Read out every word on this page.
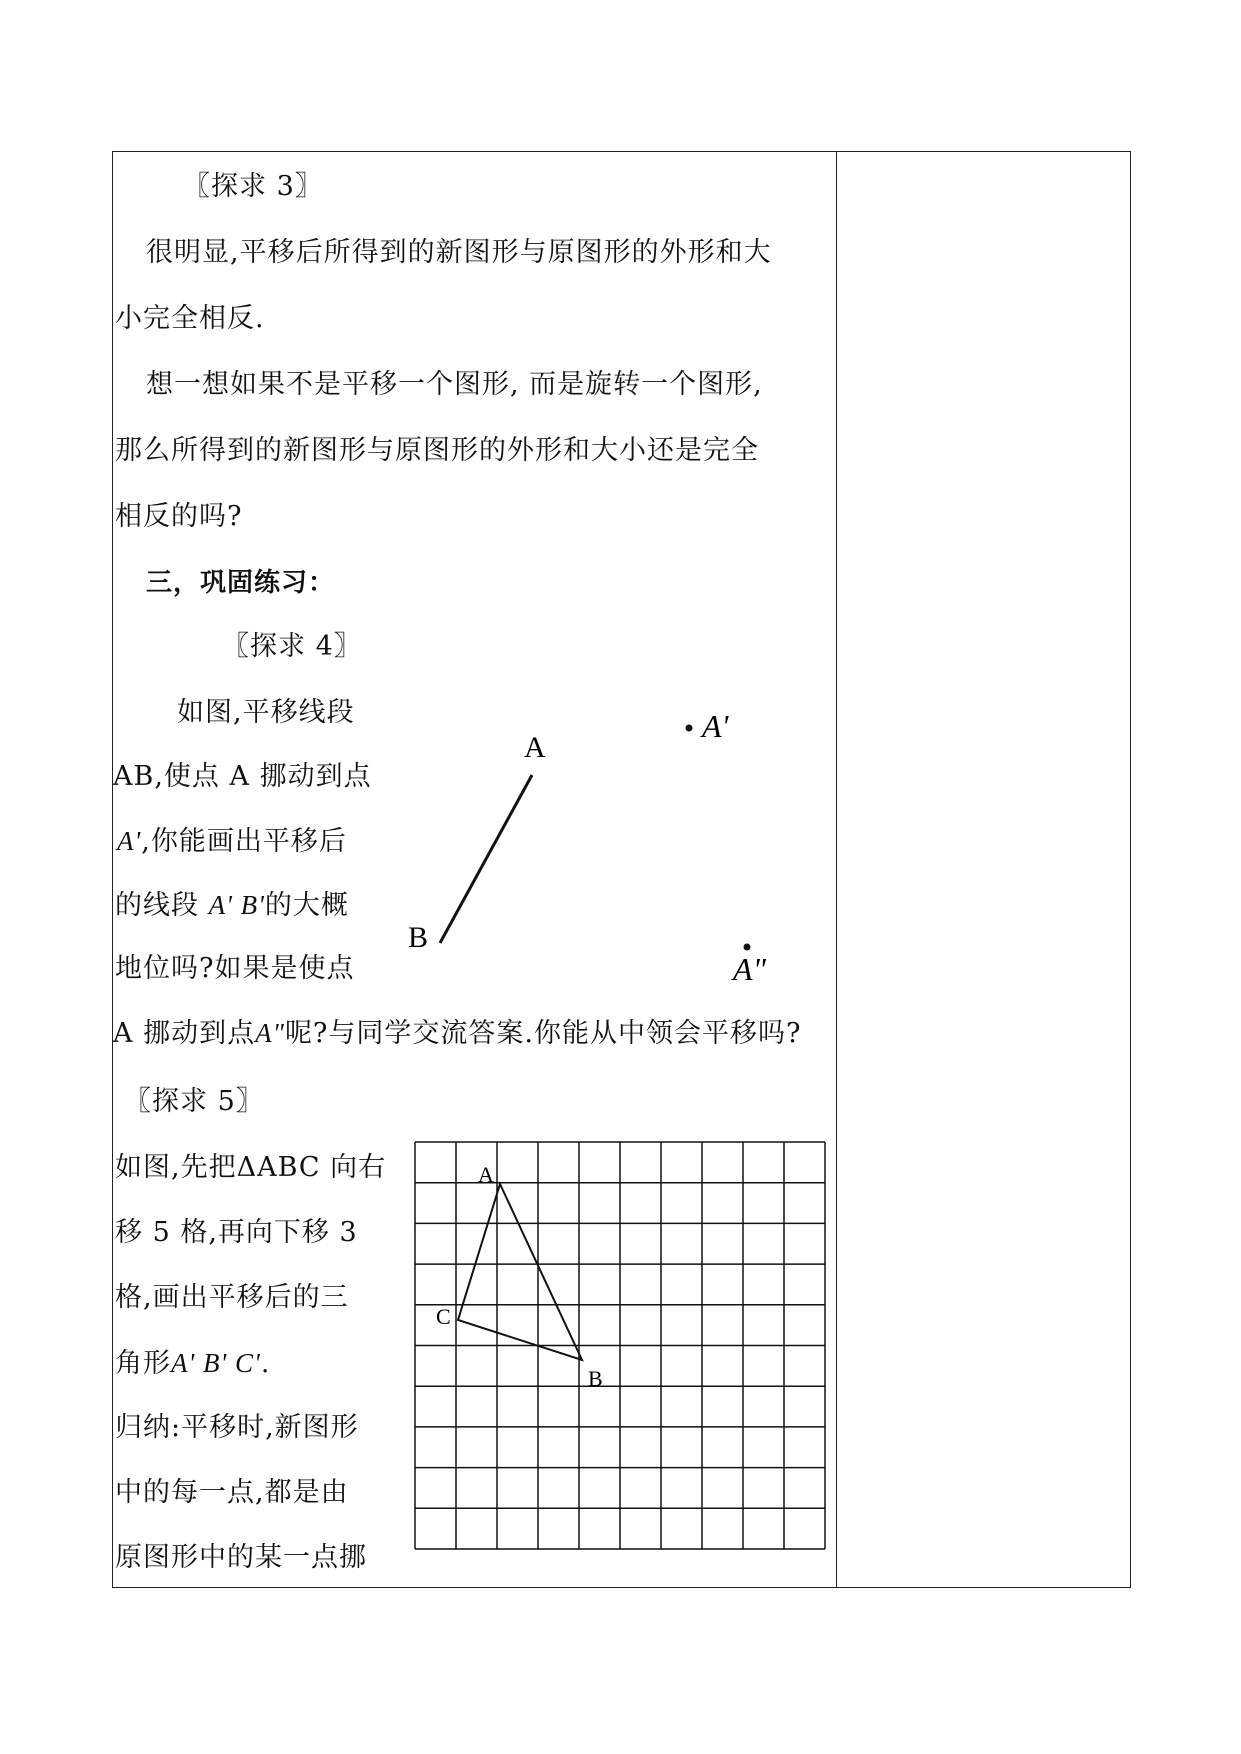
〖探求 3〗
很明显,平移后所得到的新图形与原图形的外形和大
小完全相反.
想一想如果不是平移一个图形, 而是旋转一个图形,
那么所得到的新图形与原图形的外形和大小还是完全
相反的吗?
三，巩固练习：
〖探求 4〗
如图,平移线段
AB,使点 A 挪动到点
A',你能画出平移后
的线段 A' B'的大概
地位吗?如果是使点
A 挪动到点A"呢?与同学交流答案.你能从中领会平移吗?
A
B
A'
A"
〖探求 5〗
如图,先把ΔABC 向右
移 5 格,再向下移 3
格,画出平移后的三
角形A' B' C'.
归纳:平移时,新图形
中的每一点,都是由
原图形中的某一点挪
A
C
B
